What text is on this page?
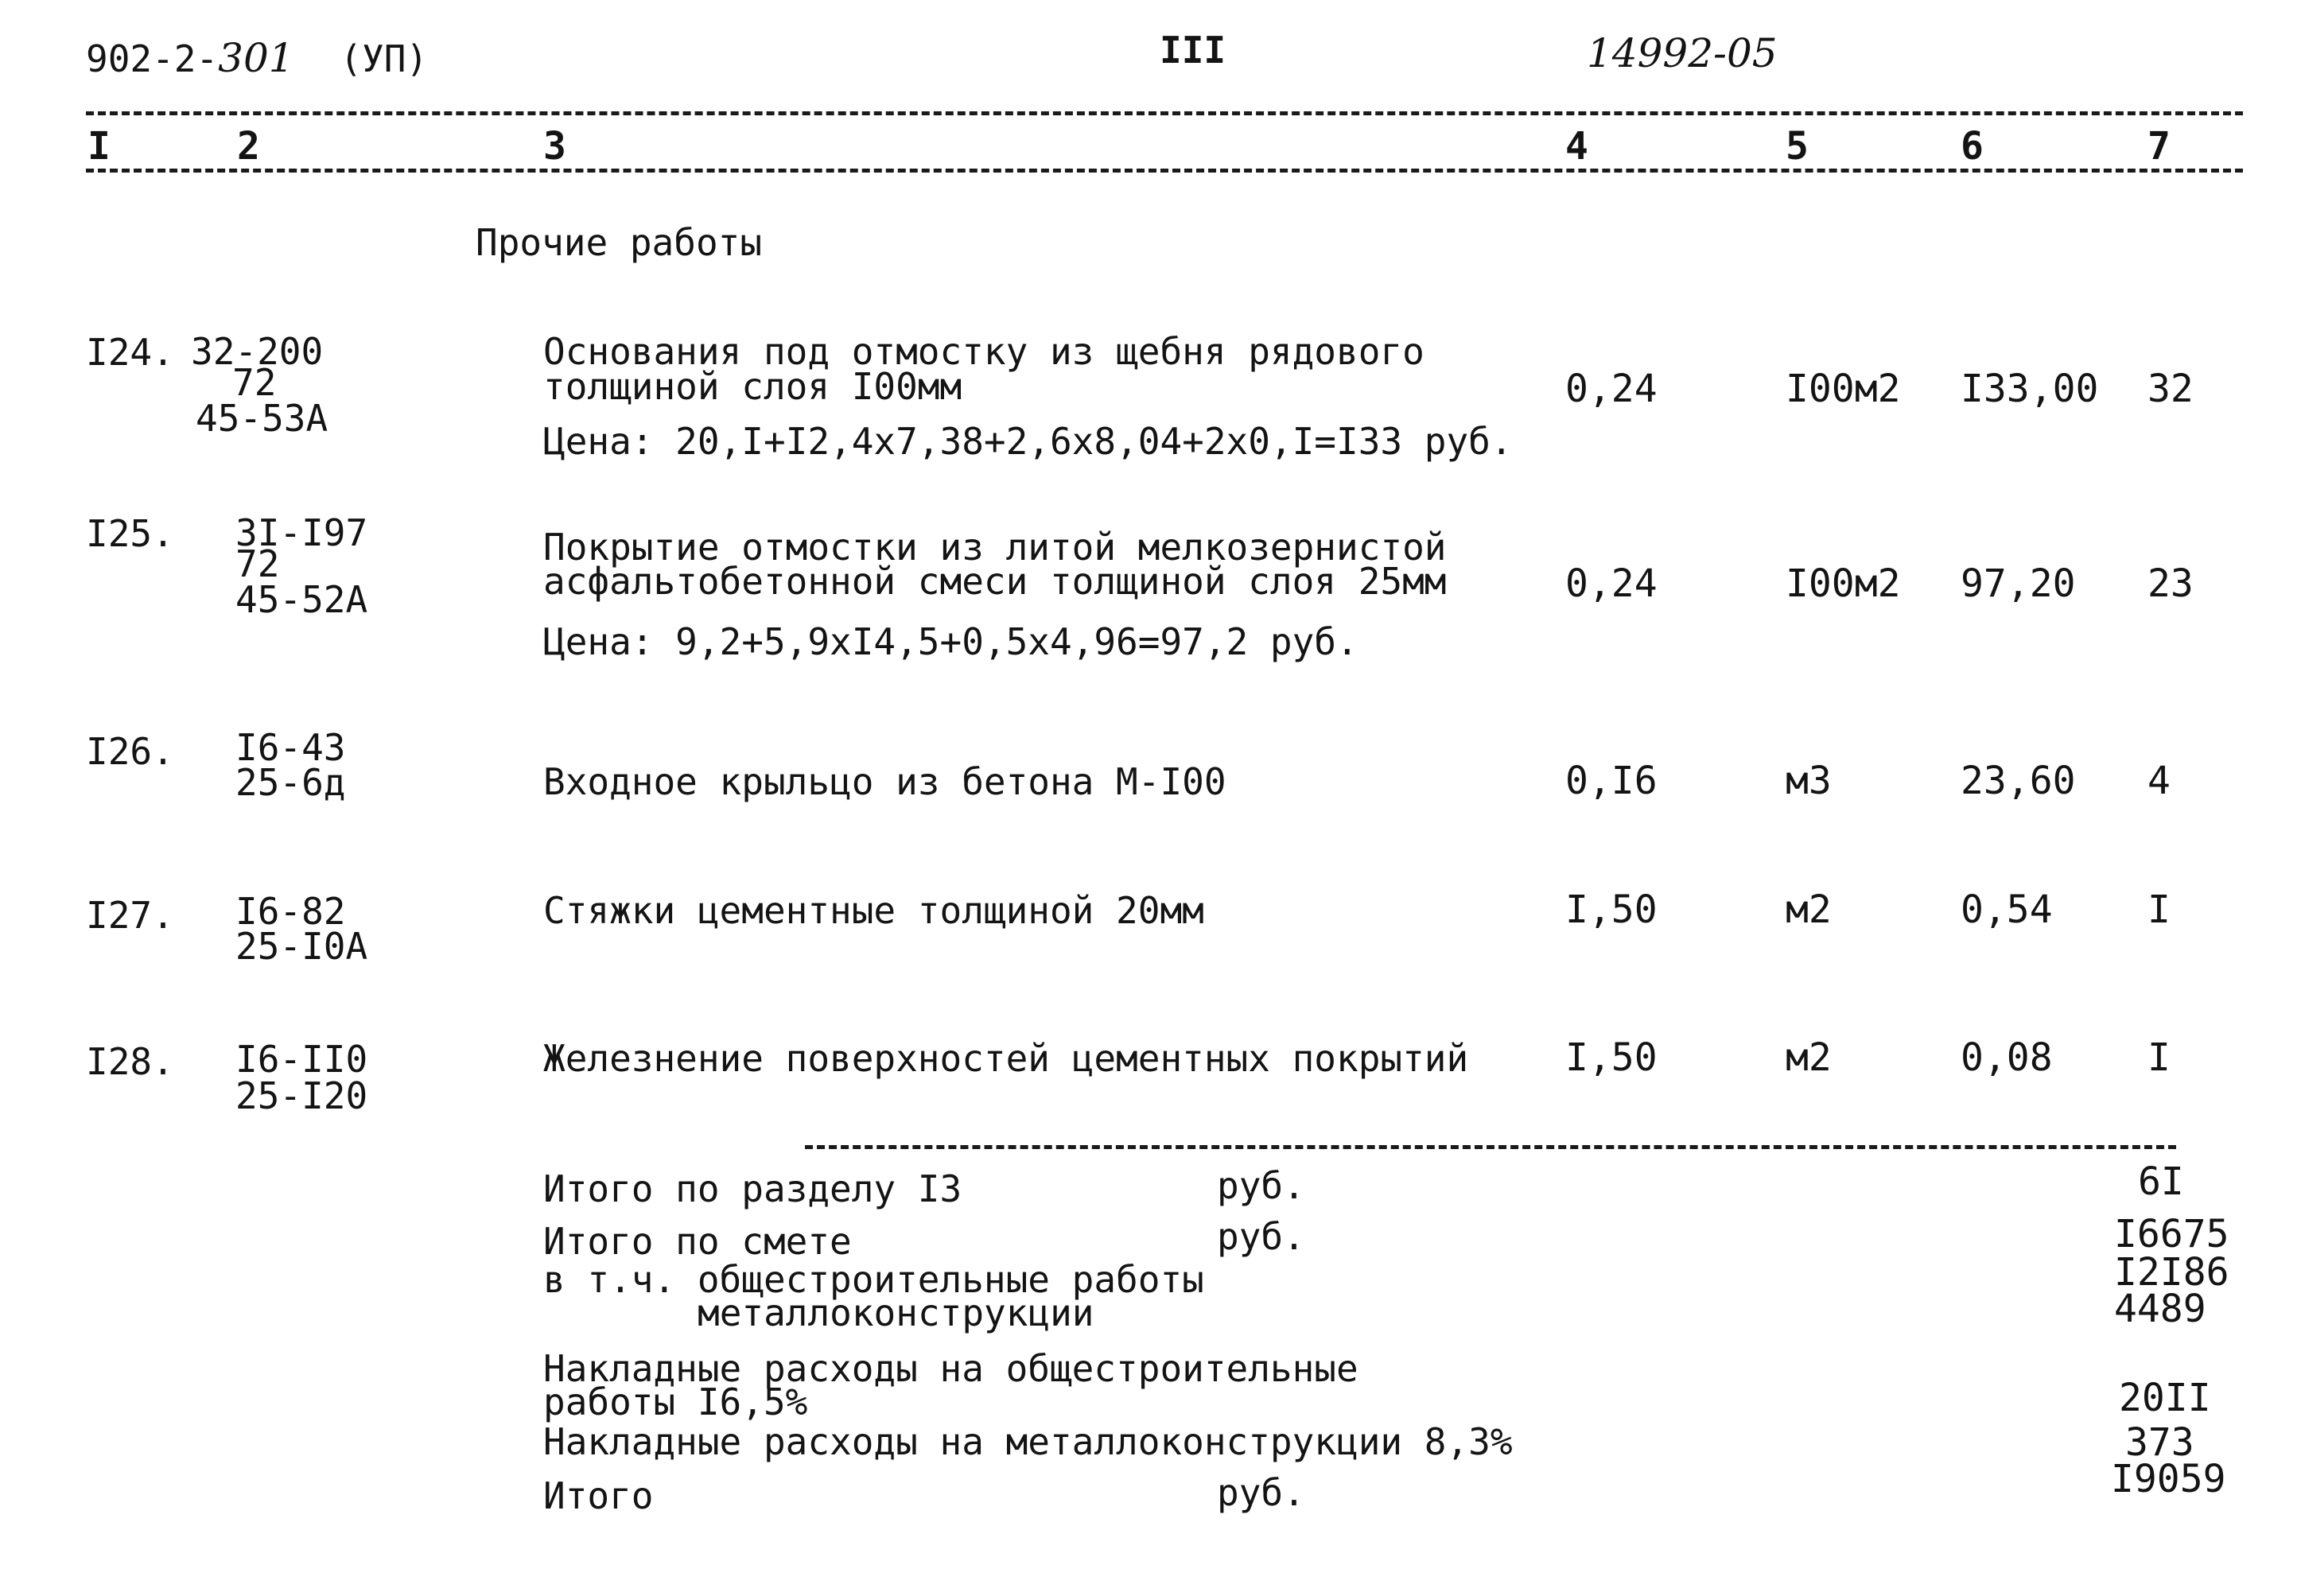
902-2-301 (УП)	III	14992-05
I	2	3	4	5	6	7
Прочие работы
I24. 32-200
72
45-53А
Основания под отмостку из щебня рядового
толщиной слоя I00мм
Цена: 20,I+I2,4x7,38+2,6x8,04+2x0,I=I33 руб.
0,24	I00м2 I33,00 32
I25. 3I-I97
72
45-52А
Покрытие отмостки из литой мелкозернистой
асфальтобетонной смеси толщиной слоя 25мм
Цена: 9,2+5,9xI4,5+0,5x4,96=97,2 руб.
0,24	I00м2 97,20 23
I26. I6-43
25-6д	Входное крыльцо из бетона М-I00	0,I6	м3	23,60 4
I27. I6-82
25-I0А
Стяжки цементные толщиной 20мм	I,50	м2	0,54 I
I28. I6-II0
25-I20
Железнение поверхностей цементных покрытий	I,50	м2	0,08 I
Итого по разделу I3	руб.	6I
Итого по смете	руб.	I6675
в т.ч. общестроительные работы	I2I86
металлоконструкции	4489
Накладные расходы на общестроительные
работы I6,5%	20II
Накладные расходы на металлоконструкции 8,3%	373
Итого	руб.	I9059
